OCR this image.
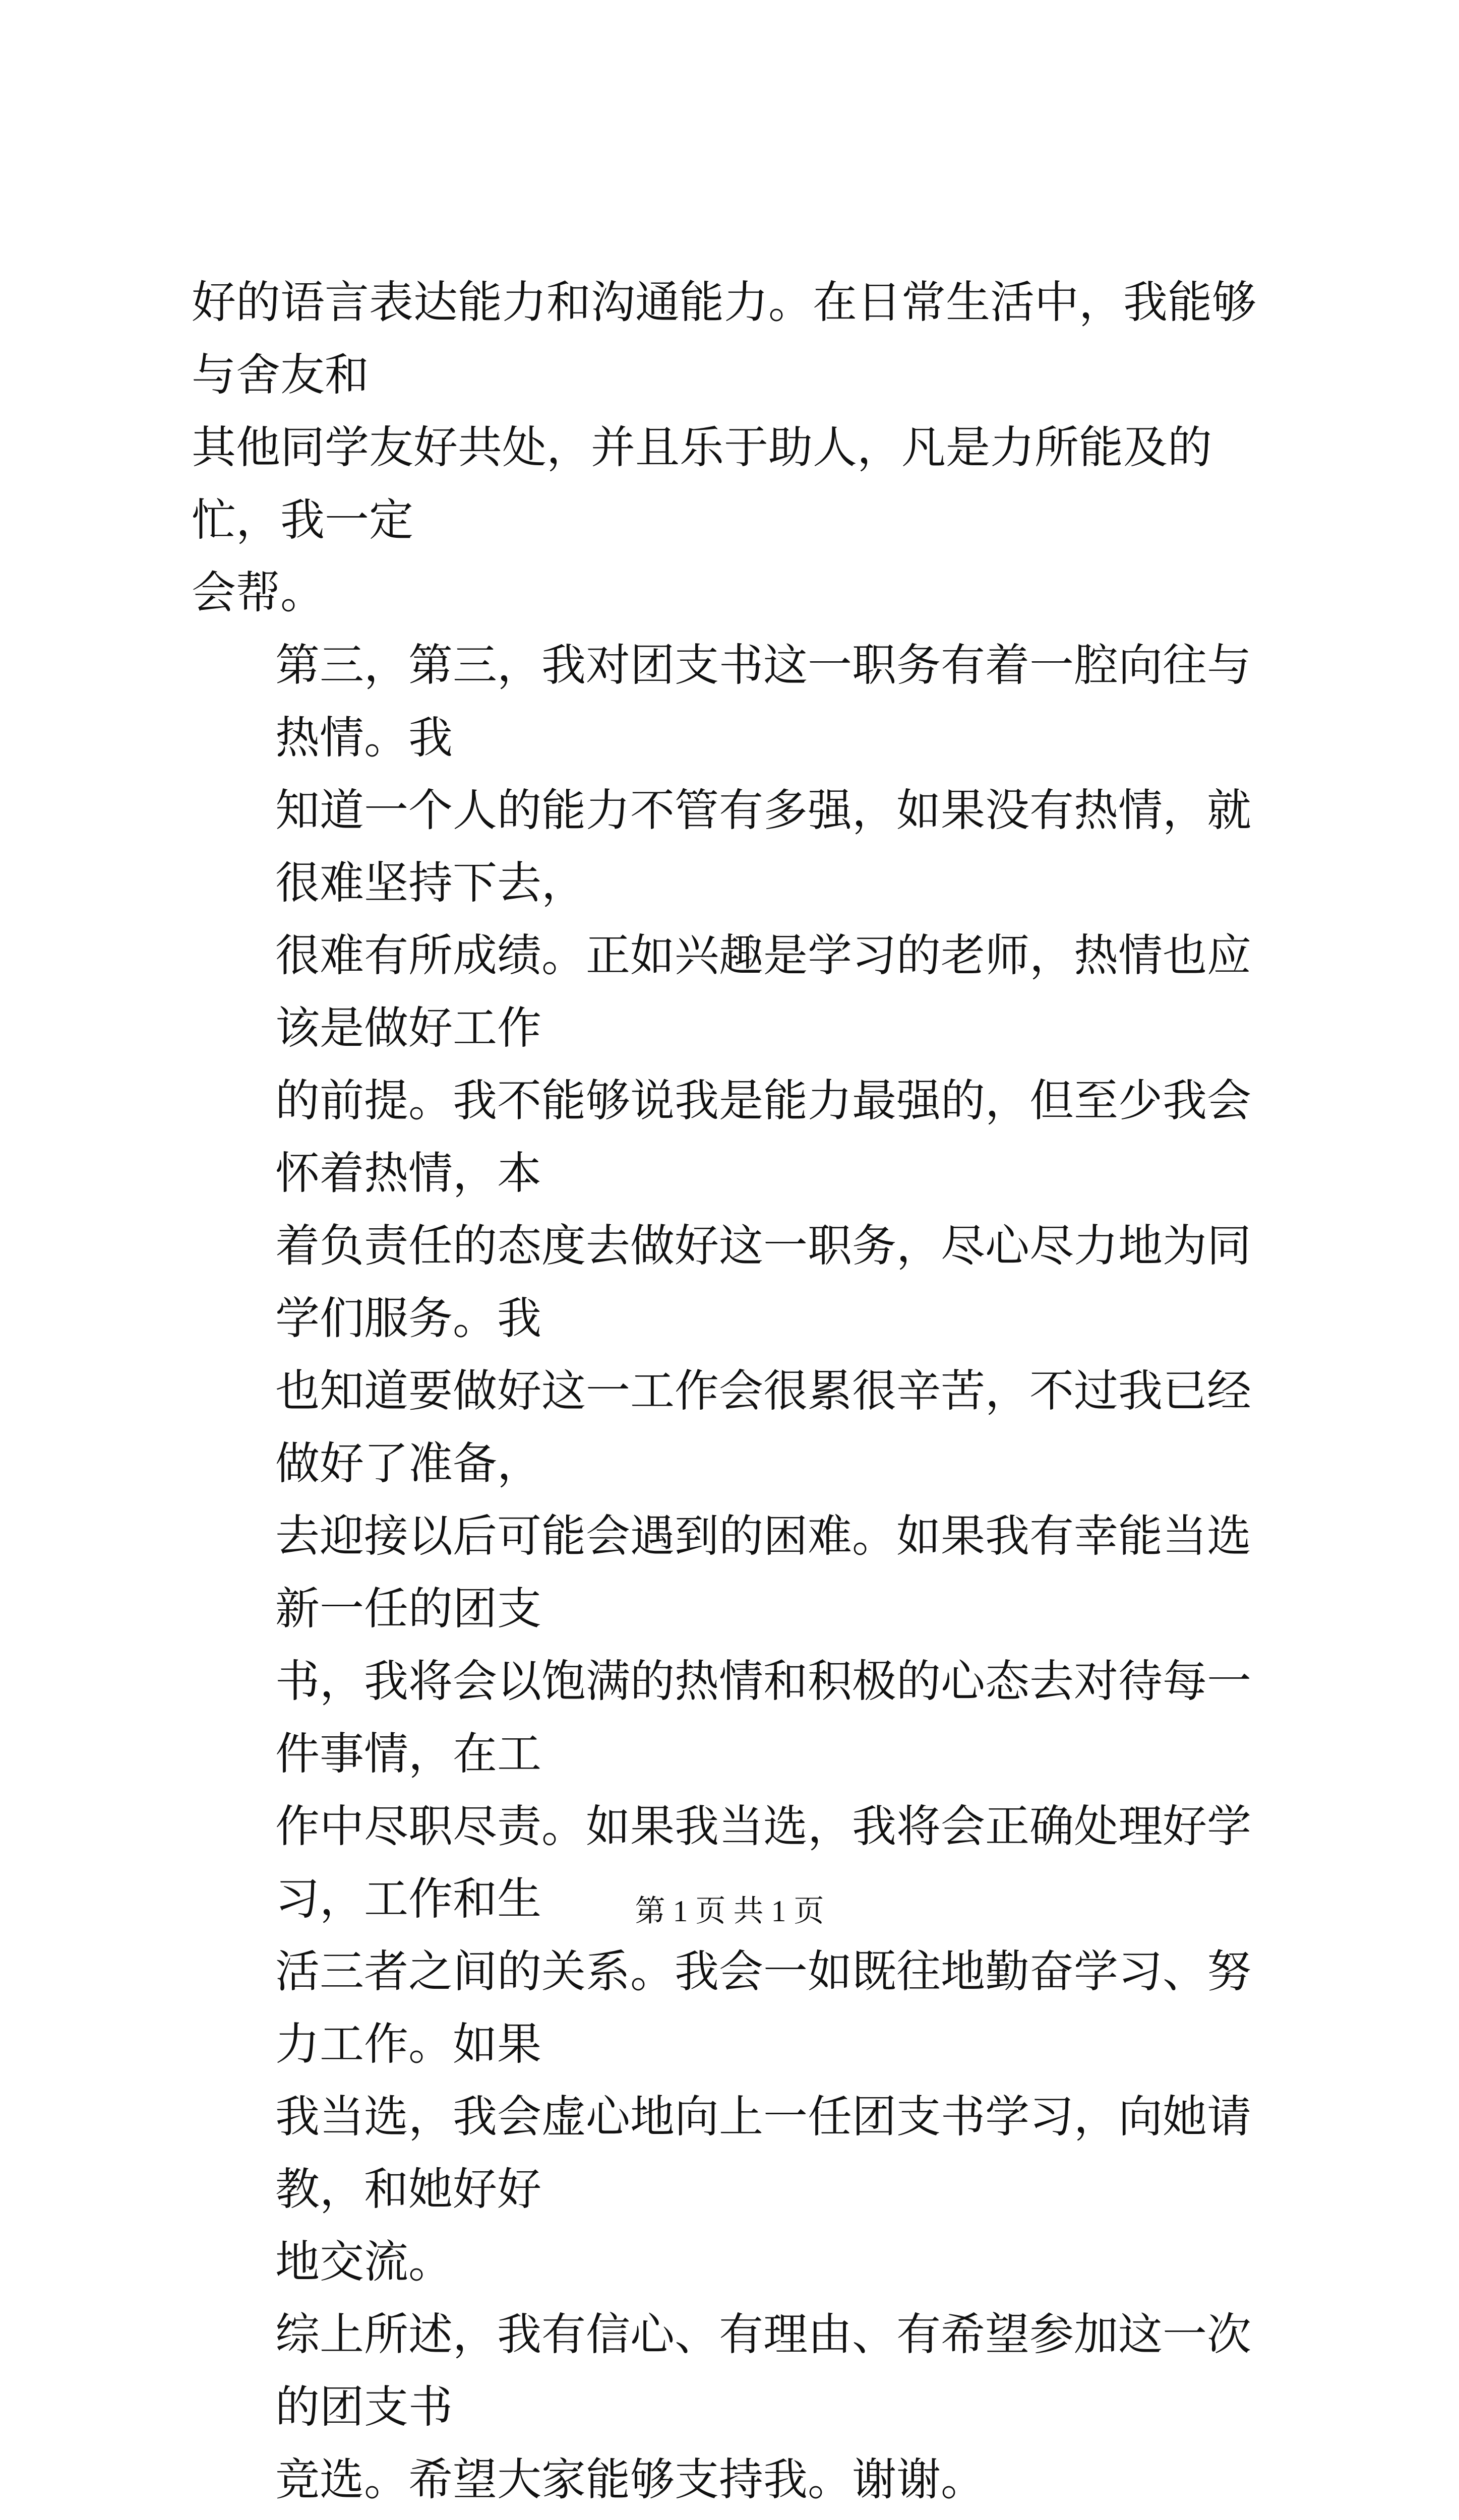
好的语言表达能力和沟通能力。在日常生活中，我能够与舍友和
其他同学友好共处，并且乐于助人，凡是力所能及的忙，我一定
会帮。

第三，第三，我对团支书这一职务有着一腔向往与热情。我
知道一个人的能力不管有多强，如果没有热情，就很难坚持下去，
很难有所成绩。正如兴趣是学习的老师，热情也应该是做好工作
的前提。我不能够说我是能力最强的，但至少我会怀着热情，本
着负责任的态度去做好这一职务，尽心尽力地为同学们服务。我
也知道要做好这一工作会很累很辛苦，不过我已经做好了准备，
去迎接以后可能会遇到的困难。如果我有幸能当选新一任的团支
书，我将会以饱满的热情和积极的心态去对待每一件事情，在工
作中尽职尽责。如果我当选，我将会正确处理好学习，工作和生
活三者之间的关系。我会一如既往地勤奋学习、努力工作。如果
我当选，我会虚心地向上一任团支书学习，向她请教，和她好好
地交流。

综上所述，我有信心、有理由、有希望参加这一次的团支书
竞选。希望大家能够支持我。谢谢。

第 1 页 共 1 页
